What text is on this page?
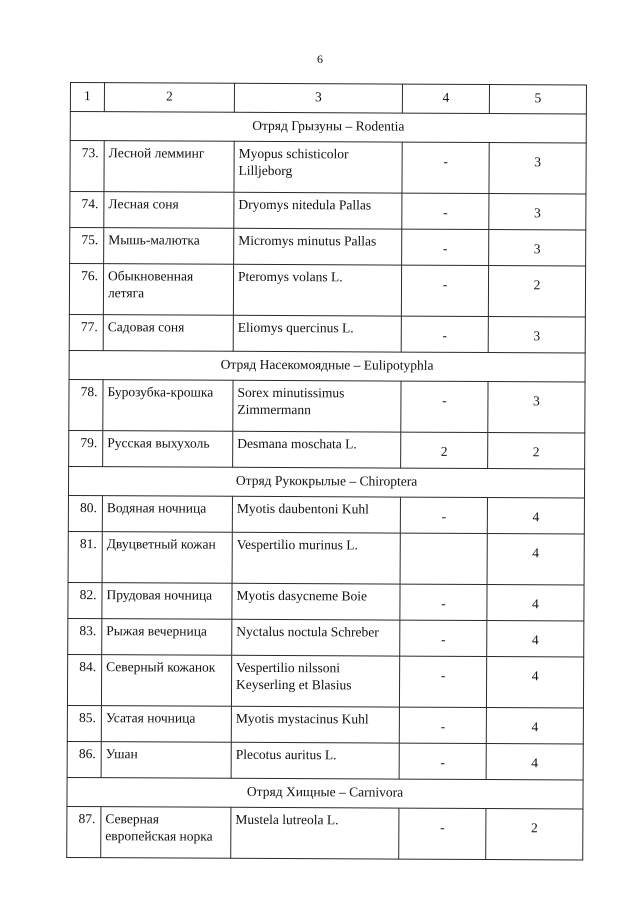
6
1	2	3	4	5
Отряд Грызуны – Rodentia				
73.	Лесной лемминг	Myopus schisticolor Lilljeborg	-	3
74.	Лесная соня	Dryomys nitedula Pallas	-	3
75.	Мышь-малютка	Micromys minutus Pallas	-	3
76.	Обыкновенная летяга	Pteromys volans L.	-	2
77.	Садовая соня	Eliomys quercinus L.	-	3
Отряд Насекомоядные – Eulipotyphla				
78.	Бурозубка-крошка	Sorex minutissimus Zimmermann	-	3
79.	Русская выхухоль	Desmana moschata L.	2	2
Отряд Рукокрылые – Chiroptera				
80.	Водяная ночница	Myotis daubentoni Kuhl	-	4
81.	Двуцветный кожан	Vespertilio murinus L.		4
82.	Прудовая ночница	Myotis dasycneme Boie	-	4
83.	Рыжая вечерница	Nyctalus noctula Schreber	-	4
84.	Северный кожанок	Vespertilio nilssoni Keyserling et Blasius	-	4
85.	Усатая ночница	Myotis mystacinus Kuhl	-	4
86.	Ушан	Plecotus auritus L.	-	4
Отряд Хищные – Carnivora				
87.	Северная европейская норка	Mustela lutreola L.	-	2
